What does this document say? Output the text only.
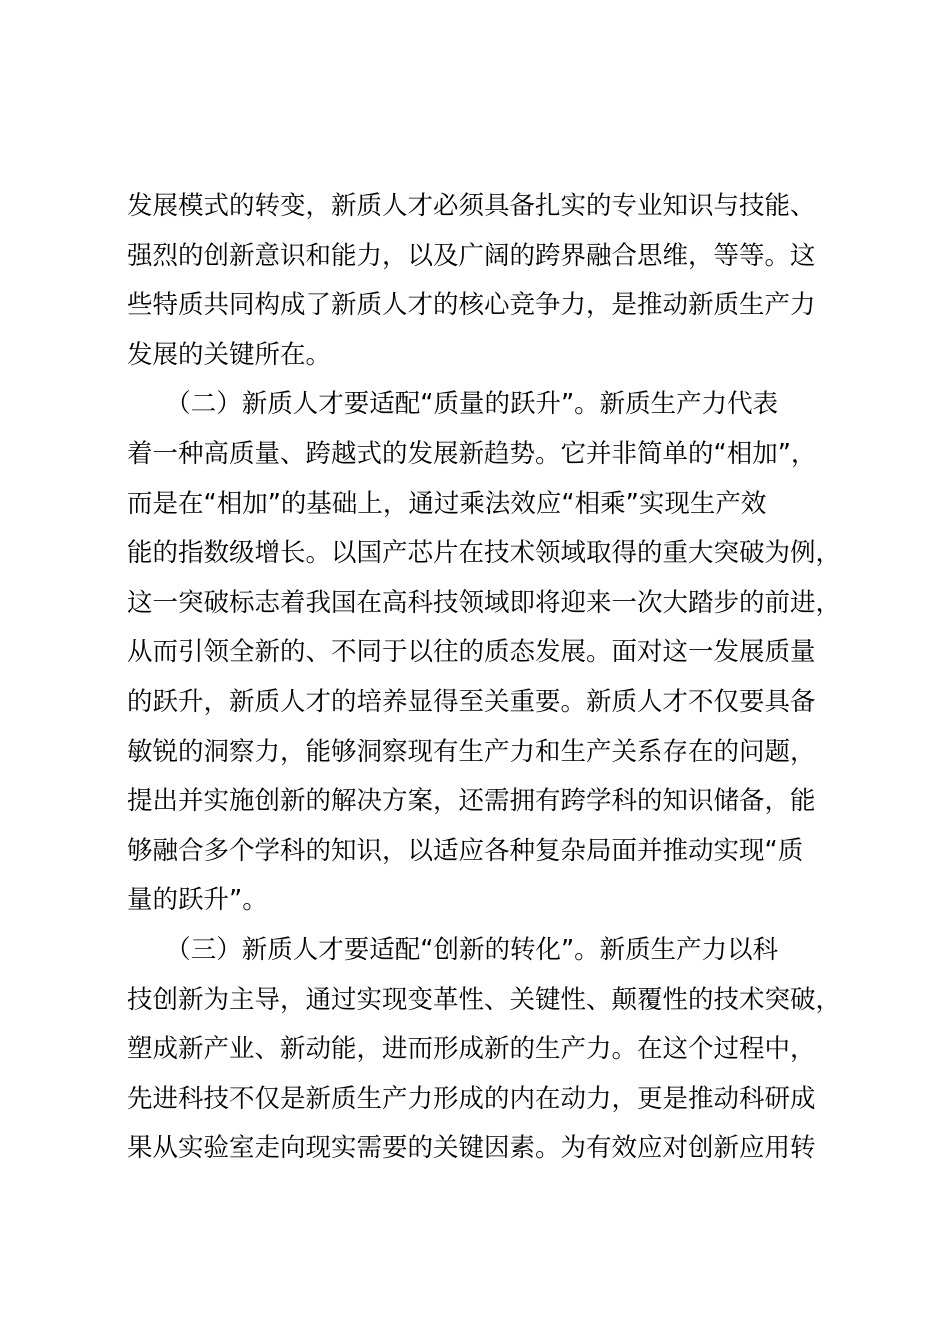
发展模式的转变，新质人才必须具备扎实的专业知识与技能、
强烈的创新意识和能力，以及广阔的跨界融合思维，等等。这
些特质共同构成了新质人才的核心竞争力，是推动新质生产力
发展的关键所在。
　　（二）新质人才要适配“质量的跃升”。新质生产力代表
着一种高质量、跨越式的发展新趋势。它并非简单的“相加”，
而是在“相加”的基础上，通过乘法效应“相乘”实现生产效
能的指数级增长。以国产芯片在技术领域取得的重大突破为例，
这一突破标志着我国在高科技领域即将迎来一次大踏步的前进，
从而引领全新的、不同于以往的质态发展。面对这一发展质量
的跃升，新质人才的培养显得至关重要。新质人才不仅要具备
敏锐的洞察力，能够洞察现有生产力和生产关系存在的问题，
提出并实施创新的解决方案，还需拥有跨学科的知识储备，能
够融合多个学科的知识，以适应各种复杂局面并推动实现“质
量的跃升”。
　　（三）新质人才要适配“创新的转化”。新质生产力以科
技创新为主导，通过实现变革性、关键性、颠覆性的技术突破，
塑成新产业、新动能，进而形成新的生产力。在这个过程中，
先进科技不仅是新质生产力形成的内在动力，更是推动科研成
果从实验室走向现实需要的关键因素。为有效应对创新应用转
